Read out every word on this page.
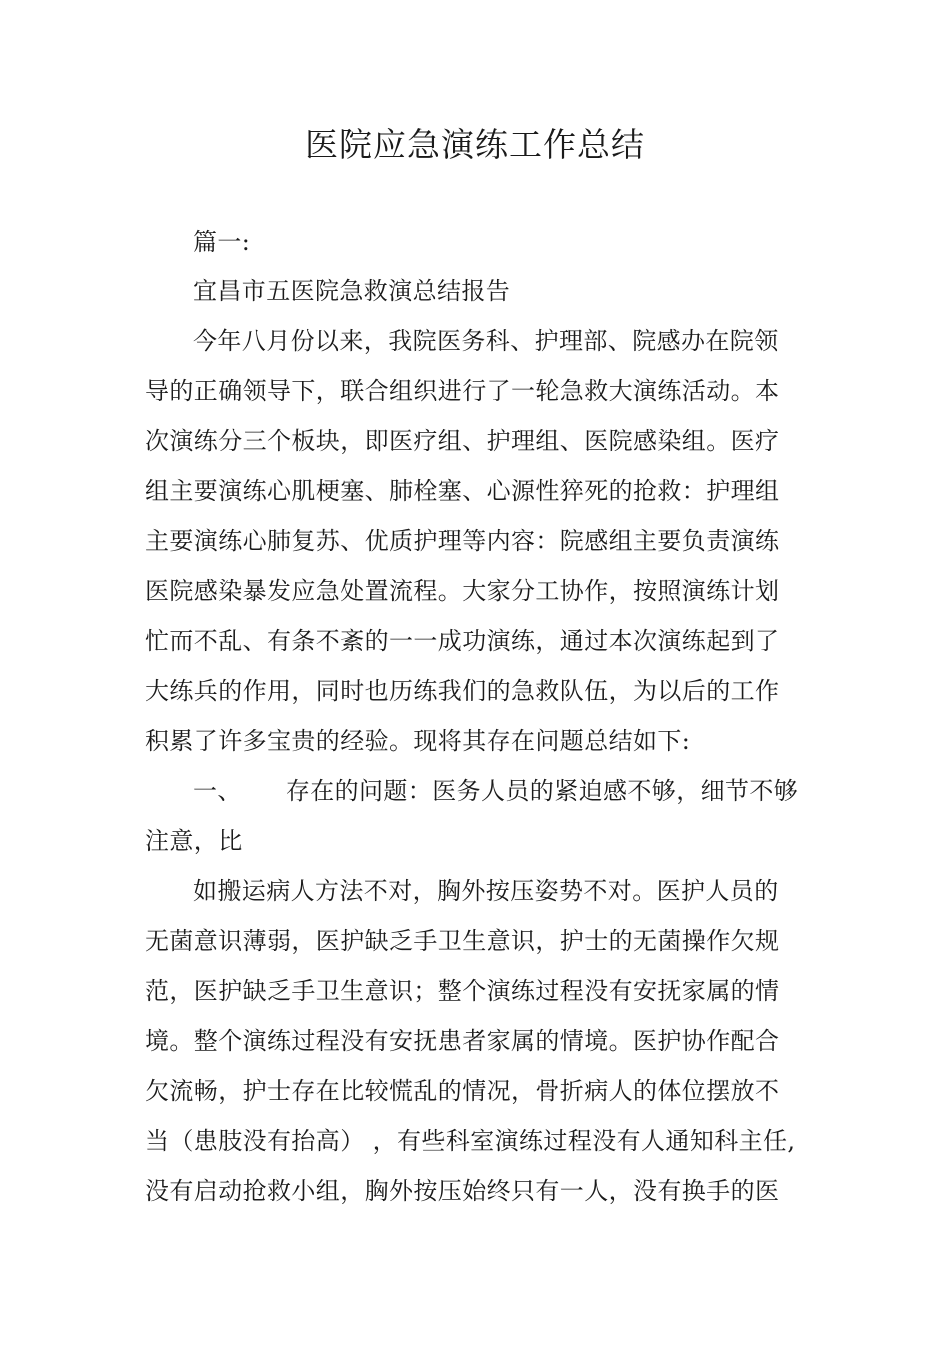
医院应急演练工作总结

篇一:

宜昌市五医院急救演总结报告

今年八月份以来，我院医务科、护理部、院感办在院领

导的正确领导下，联合组织进行了一轮急救大演练活动。本

次演练分三个板块，即医疗组、护理组、医院感染组。医疗

组主要演练心肌梗塞、肺栓塞、心源性猝死的抢救：护理组

主要演练心肺复苏、优质护理等内容：院感组主要负责演练

医院感染暴发应急处置流程。大家分工协作，按照演练计划

忙而不乱、有条不紊的一一成功演练，通过本次演练起到了

大练兵的作用，同时也历练我们的急救队伍，为以后的工作

积累了许多宝贵的经验。现将其存在问题总结如下:

一、 存在的问题：医务人员的紧迫感不够，细节不够

注意，比

如搬运病人方法不对，胸外按压姿势不对。医护人员的

无菌意识薄弱，医护缺乏手卫生意识，护士的无菌操作欠规

范，医护缺乏手卫生意识；整个演练过程没有安抚家属的情

境。整个演练过程没有安抚患者家属的情境。医护协作配合

欠流畅，护士存在比较慌乱的情况，骨折病人的体位摆放不

当（患肢没有抬高） ，有些科室演练过程没有人通知科主任,

没有启动抢救小组，胸外按压始终只有一人，没有换手的医
